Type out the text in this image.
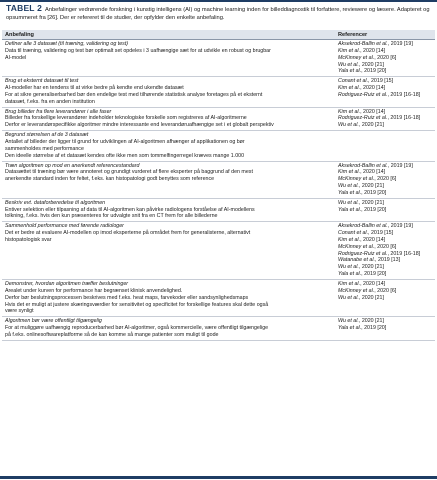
TABEL 2 Anbefalinger vedrørende forskning i kunstig intelligens (AI) og machine learning inden for billeddiagnostik til forfattere, reviewere og læsere. Adapteret og opsummeret fra [26]. Der er refereret til de studier, der opfylder den enkelte anbefaling.
Anbefaling	Referencer
Definer alle 3 datasæt (til træning, validering og test)
Data til træning, validering og test bør optimalt set opdeles i 3 uafhængige sæt for at udvikle en robust og brugbar
AI-model
Aksekrod-Ballin et al., 2019 [19]
Kim et al., 2020 [14]
McKinney et al., 2020 [6]
Wu et al., 2020 [21]
Yala et al., 2019 [20]
Brug et eksternt datasæt til test
AI-modeller har en tendens til at virke bedre på kendte end ukendte datasæt
For at sikre generaliserbarhed bør den endelige test med tilhørende statistisk analyse foretages på et eksternt
datasæt, f.eks. fra en anden institution
Conant et al., 2019 [15]
Kim et al., 2020 [14]
Rodriguez-Ruiz et al., 2019 [16-18]
Brug billeder fra flere leverandører i alle faser
Billeder fra forskellige leverandører indeholder teknologiske forskelle som registreres af AI-algoritmerne
Derfor er leverandørspecifikke algoritmer mindre interessante end leverandøruafhængige set i et globalt perspektiv
Kim et al., 2020 [14]
Rodriguez-Ruiz et al., 2019 [16-18]
Wu et al., 2020 [21]
Begrund størrelsen af de 3 datasæt
Antallet af billeder der ligger til grund for udviklingen af AI-algoritmen afhænger af applikationen og bør
sammenholdes med performance
Den ideelle størrelse af et datasæt kendes ofte ikke men som tommelfingerregel kræves mange 1.000
Træn algoritmen op mod en anerkendt referencestandard
Datasættet til træning bør være annoteret og grundigt vurderet af flere eksperter på baggrund af den mest
anerkendte standard inden for feltet, f.eks. kan histopatologi godt benyttes som reference
Aksekrod-Ballin et al., 2019 [19]
Kim et al., 2020 [14]
McKinney et al., 2020 [6]
Wu et al., 2020 [21]
Yala et al., 2019 [20]
Beskriv evt. dataforberedelse til algoritmen
Entiver selektion eller tilpasning af data til AI-algoritmen kan påvirke radiologens forståelse af AI-modellens
tolkning, f.eks. hvis den kun præsenteres for udvalgte snit fra en CT frem for alle billederne
Wu et al., 2020 [21]
Yala et al., 2019 [20]
Sammenhold performance med førende radiologer
Det er bedre at evaluere AI-modellen op imod eksperterne på området frem for generalisterne, alternativt
histopatologisk svar
Aksekrod-Ballin et al., 2019 [19]
Conant et al., 2019 [15]
Kim et al., 2020 [14]
McKinney et al., 2020 [6]
Rodriguez-Ruiz et al., 2019 [16-18]
Watanabe et al., 2019 [13]
Wu et al., 2020 [21]
Yala et al., 2019 [20]
Demonstrer, hvordan algoritmen træffer beslutninger
Arealet under kurven for performance har begrænset klinisk anvendelighed.
Derfor bør beslutningsprocessen beskrives med f.eks. heat maps, farvekoder eller sandsynlighedsmaps
Hvis det er muligt at justere skæringsværdier for sensitivitet og specificitet for forskellige features skal dette også
være synligt
Kim et al., 2020 [14]
McKinney et al., 2020 [6]
Wu et al., 2020 [21]
Algoritmen bør være offentligt tilgængelig
For at muliggøre uafhængig reproducerbarhed bør AI-algoritmer, også kommercielle, være offentligt tilgængelige
på f.eks. onlinesoftwareplatforme så de kan komme så mange patienter som muligt til gode
Wu et al., 2020 [21]
Yala et al., 2019 [20]
